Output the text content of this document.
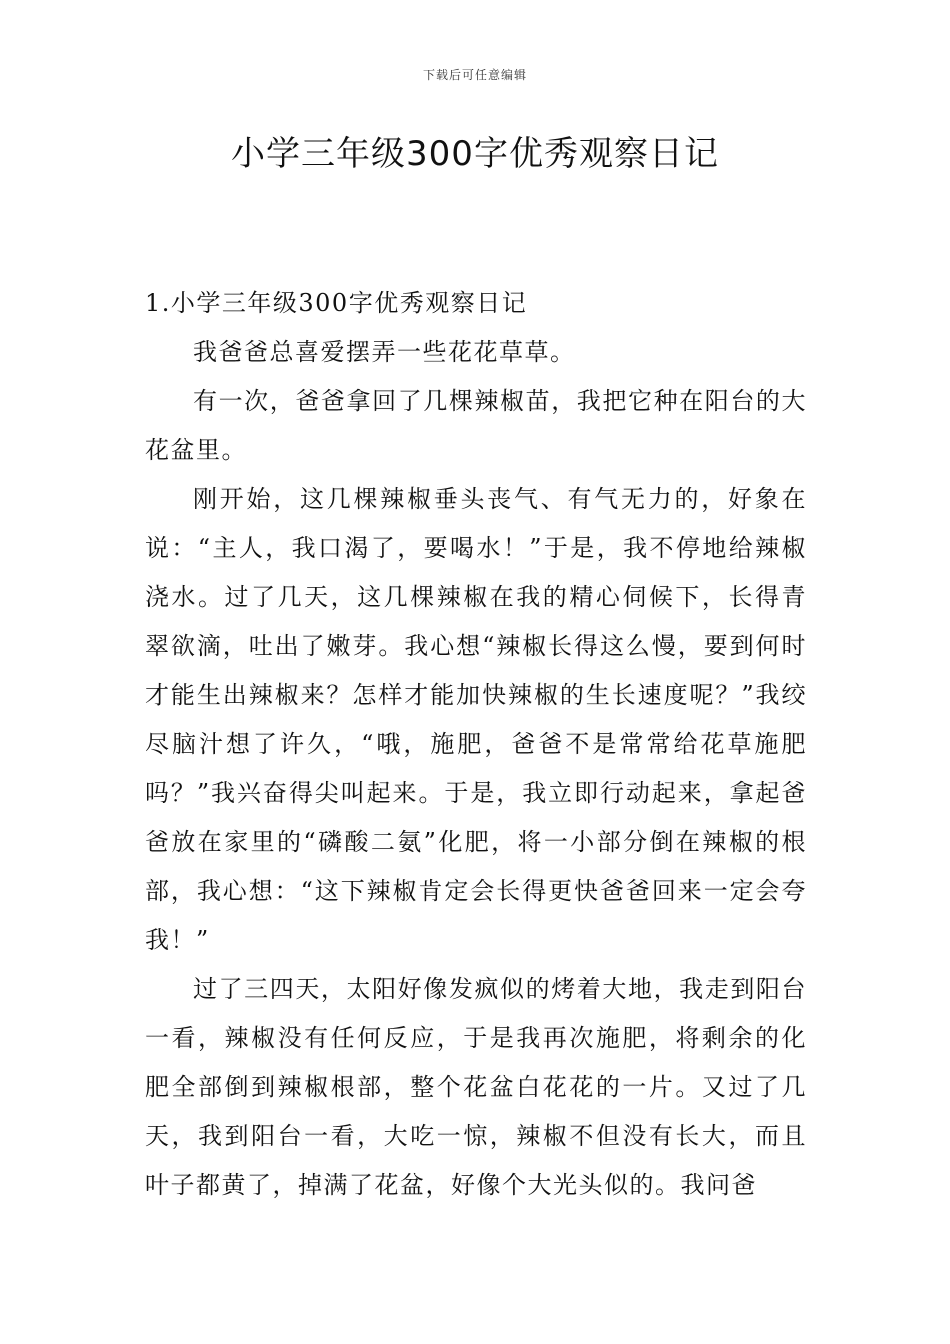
下载后可任意编辑
小学三年级300字优秀观察日记

1.小学三年级300字优秀观察日记

我爸爸总喜爱摆弄一些花花草草。

有一次，爸爸拿回了几棵辣椒苗，我把它种在阳台的大花盆里。

刚开始，这几棵辣椒垂头丧气、有气无力的，好象在说：“主人，我口渴了，要喝水！”于是，我不停地给辣椒浇水。过了几天，这几棵辣椒在我的精心伺候下，长得青翠欲滴，吐出了嫩芽。我心想“辣椒长得这么慢，要到何时才能生出辣椒来？怎样才能加快辣椒的生长速度呢？”我绞尽脑汁想了许久，“哦，施肥，爸爸不是常常给花草施肥吗？”我兴奋得尖叫起来。于是，我立即行动起来，拿起爸爸放在家里的“磷酸二氨”化肥，将一小部分倒在辣椒的根部，我心想：“这下辣椒肯定会长得更快爸爸回来一定会夸我！”

过了三四天，太阳好像发疯似的烤着大地，我走到阳台一看，辣椒没有任何反应，于是我再次施肥，将剩余的化肥全部倒到辣椒根部，整个花盆白花花的一片。又过了几天，我到阳台一看，大吃一惊，辣椒不但没有长大，而且叶子都黄了，掉满了花盆，好像个大光头似的。我问爸
